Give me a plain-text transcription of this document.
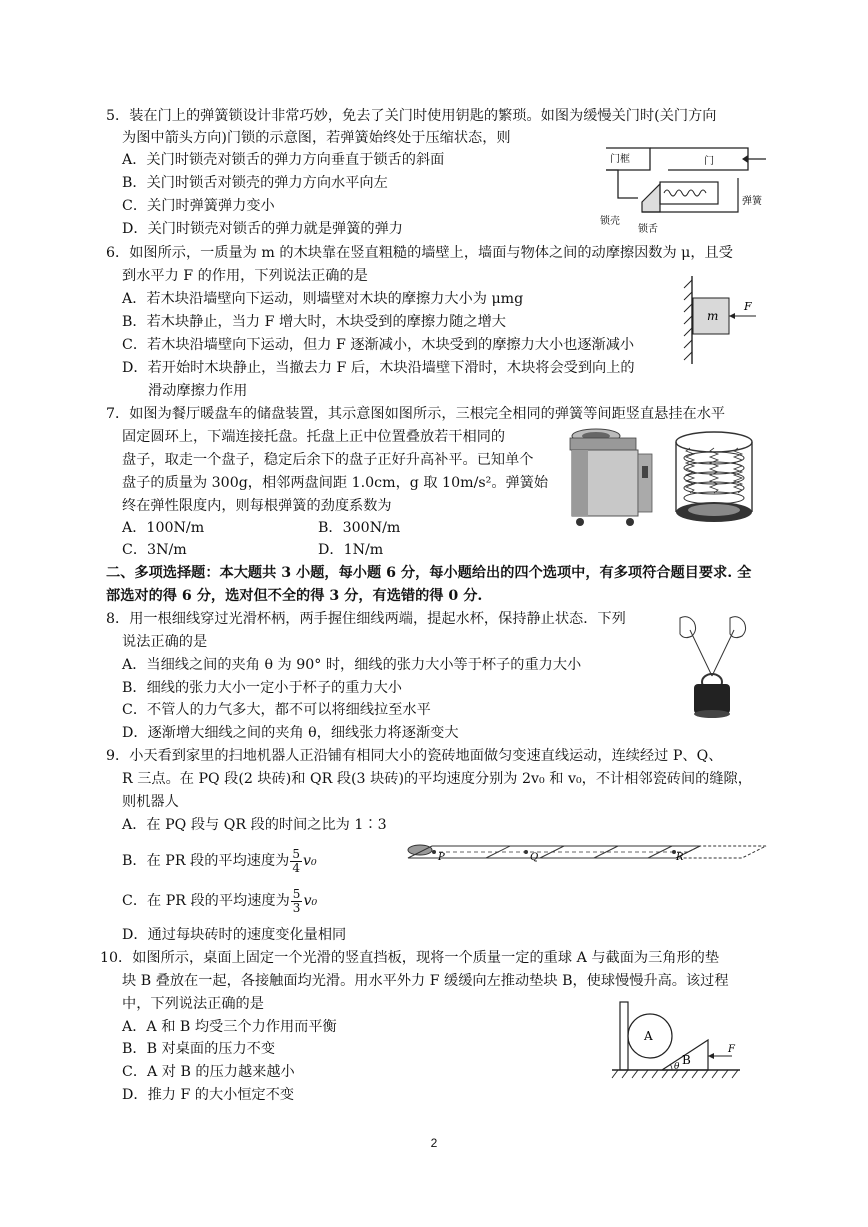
5．装在门上的弹簧锁设计非常巧妙，免去了关门时使用钥匙的繁琐。如图为缓慢关门时(关门方向
为图中箭头方向)门锁的示意图，若弹簧始终处于压缩状态，则
A．关门时锁壳对锁舌的弹力方向垂直于锁舌的斜面
B．关门时锁舌对锁壳的弹力方向水平向左
C．关门时弹簧弹力变小
D．关门时锁壳对锁舌的弹力就是弹簧的弹力
门框	门
弹簧
锁壳
锁舌
6．如图所示，一质量为 m 的木块靠在竖直粗糙的墙壁上，墙面与物体之间的动摩擦因数为 μ，且受
到水平力 F 的作用，下列说法正确的是
A．若木块沿墙壁向下运动，则墙壁对木块的摩擦力大小为 μmg
B．若木块静止，当力 F 增大时，木块受到的摩擦力随之增大
C．若木块沿墙壁向下运动，但力 F 逐渐减小，木块受到的摩擦力大小也逐渐减小
D．若开始时木块静止，当撤去力 F 后，木块沿墙壁下滑时，木块将会受到向上的
滑动摩擦力作用
m
F
7．如图为餐厅暖盘车的储盘装置，其示意图如图所示，三根完全相同的弹簧等间距竖直悬挂在水平
固定圆环上，下端连接托盘。托盘上正中位置叠放若干相同的
盘子，取走一个盘子，稳定后余下的盘子正好升高补平。已知单个
盘子的质量为 300g，相邻两盘间距 1.0cm，g 取 10m/s²。弹簧始
终在弹性限度内，则每根弹簧的劲度系数为
A．100N/m	B．300N/m
C．3N/m	D．1N/m
二、多项选择题：本大题共 3 小题，每小题 6 分，每小题给出的四个选项中，有多项符合题目要求. 全
部选对的得 6 分，选对但不全的得 3 分，有选错的得 0 分.
8．用一根细线穿过光滑杯柄，两手握住细线两端，提起水杯，保持静止状态．下列
说法正确的是
A．当细线之间的夹角 θ 为 90° 时，细线的张力大小等于杯子的重力大小
B．细线的张力大小一定小于杯子的重力大小
C．不管人的力气多大，都不可以将细线拉至水平
D．逐渐增大细线之间的夹角 θ，细线张力将逐渐变大
9．小天看到家里的扫地机器人正沿铺有相同大小的瓷砖地面做匀变速直线运动，连续经过 P、Q、
R 三点。在 PQ 段(2 块砖)和 QR 段(3 块砖)的平均速度分别为 2v₀ 和 v₀，不计相邻瓷砖间的缝隙，
则机器人
A．在 PQ 段与 QR 段的时间之比为 1∶3
B．在 PR 段的平均速度为 $\frac{5}{4} v_0$	P	Q	R
C．在 PR 段的平均速度为 $\frac{5}{3} v_0$
D．通过每块砖时的速度变化量相同
10．如图所示，桌面上固定一个光滑的竖直挡板，现将一个质量一定的重球 A 与截面为三角形的垫
块 B 叠放在一起，各接触面均光滑。用水平外力 F 缓缓向左推动垫块 B，使球慢慢升高。该过程
中，下列说法正确的是
A．A 和 B 均受三个力作用而平衡
B．B 对桌面的压力不变
C．A 对 B 的压力越来越小
D．推力 F 的大小恒定不变
A
B
θ
F
2
